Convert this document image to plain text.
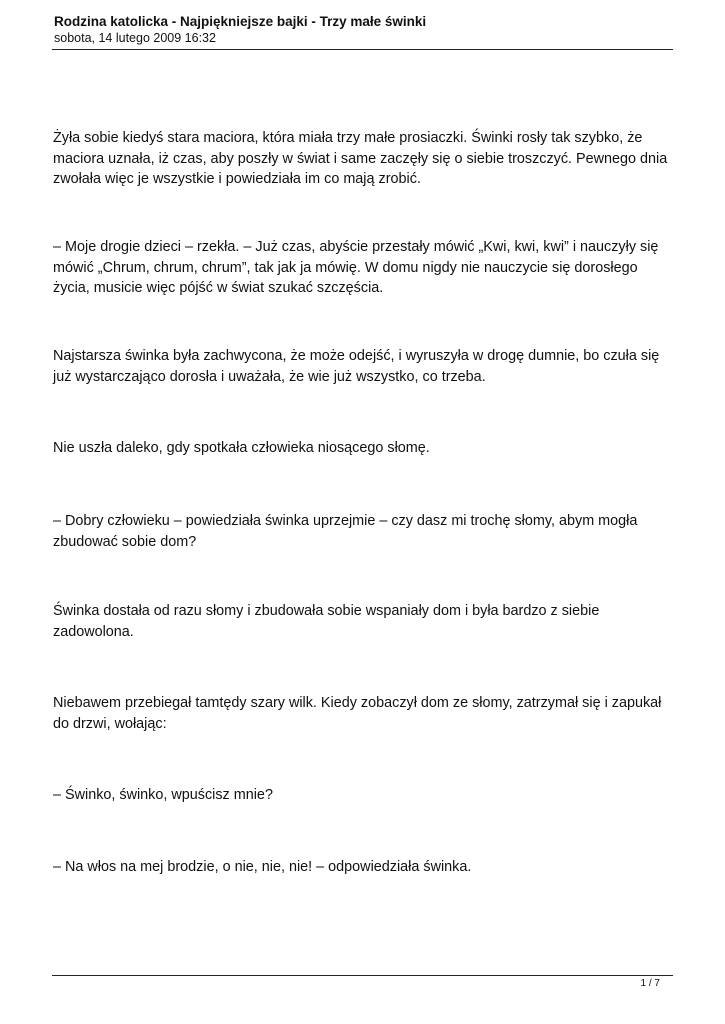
Rodzina katolicka - Najpiękniejsze bajki - Trzy małe świnki
sobota, 14 lutego 2009 16:32

Żyła sobie kiedyś stara maciora, która miała trzy małe prosiaczki. Świnki rosły tak szybko, że maciora uznała, iż czas, aby poszły w świat i same zaczęły się o siebie troszczyć. Pewnego dnia zwołała więc je wszystkie i powiedziała im co mają zrobić.

– Moje drogie dzieci – rzekła. – Już czas, abyście przestały mówić „Kwi, kwi, kwi” i nauczyły się mówić „Chrum, chrum, chrum”, tak jak ja mówię. W domu nigdy nie nauczycie się dorosłego życia, musicie więc pójść w świat szukać szczęścia.

Najstarsza świnka była zachwycona, że może odejść, i wyruszyła w drogę dumnie, bo czuła się już wystarczająco dorosła i uważała, że wie już wszystko, co trzeba.

Nie uszła daleko, gdy spotkała człowieka niosącego słomę.

– Dobry człowieku – powiedziała świnka uprzejmie – czy dasz mi trochę słomy, abym mogła zbudować sobie dom?

Świnka dostała od razu słomy i zbudowała sobie wspaniały dom i była bardzo z siebie zadowolona.

Niebawem przebiegał tamtędy szary wilk. Kiedy zobaczył dom ze słomy, zatrzymał się i zapukał do drzwi, wołając:

– Świnko, świnko, wpuścisz mnie?

– Na włos na mej brodzie, o nie, nie, nie! – odpowiedziała świnka.

1 / 7
